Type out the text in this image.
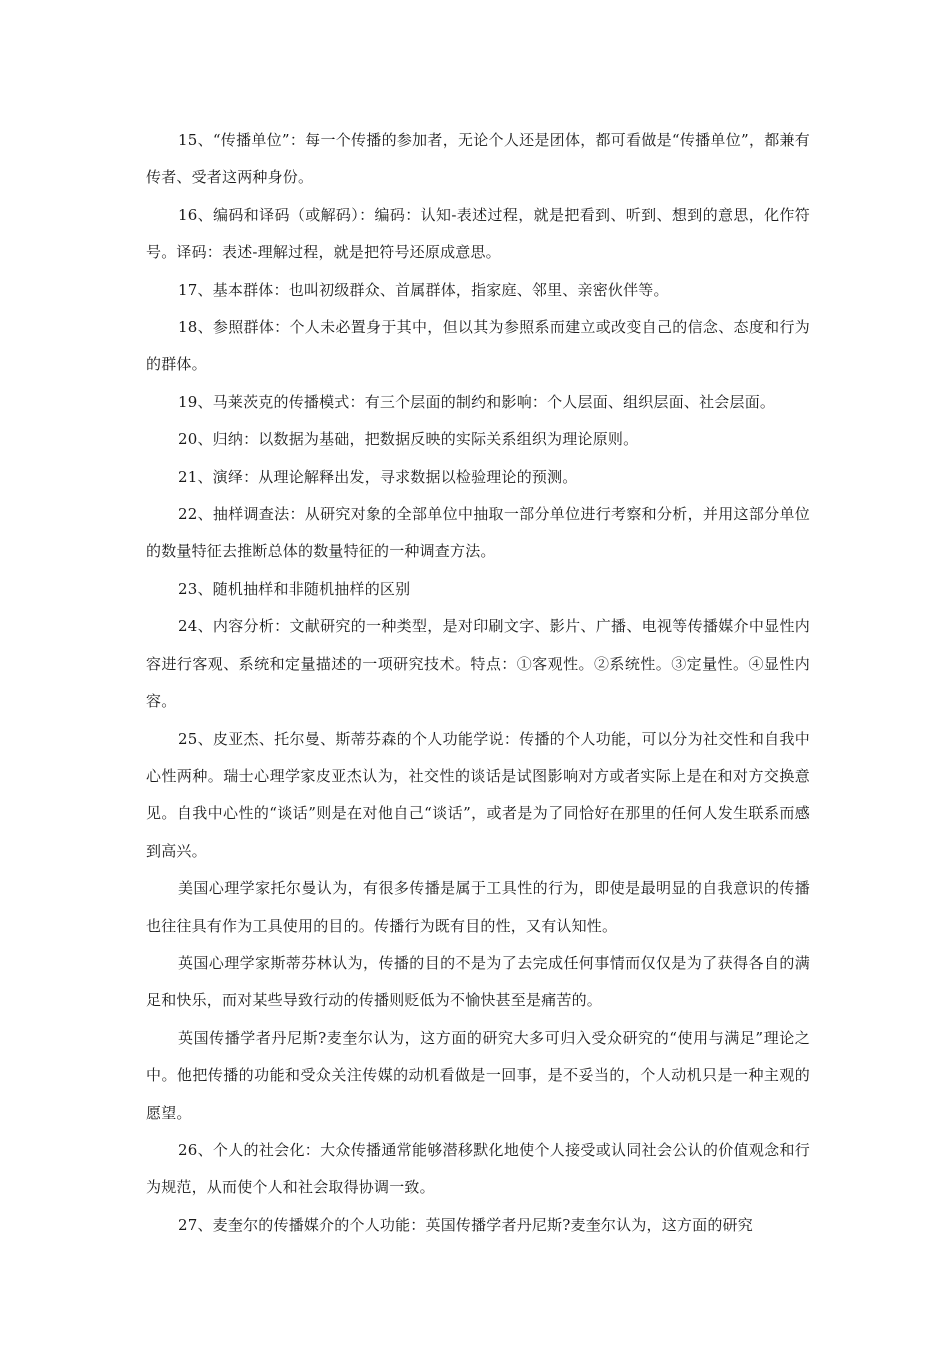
15、“传播单位”：每一个传播的参加者，无论个人还是团体，都可看做是“传播单位”，都兼有传者、受者这两种身份。

16、编码和译码（或解码）：编码：认知-表述过程，就是把看到、听到、想到的意思，化作符号。译码：表述-理解过程，就是把符号还原成意思。

17、基本群体：也叫初级群众、首属群体，指家庭、邻里、亲密伙伴等。

18、参照群体：个人未必置身于其中，但以其为参照系而建立或改变自己的信念、态度和行为的群体。

19、马莱茨克的传播模式：有三个层面的制约和影响：个人层面、组织层面、社会层面。

20、归纳：以数据为基础，把数据反映的实际关系组织为理论原则。

21、演绎：从理论解释出发，寻求数据以检验理论的预测。

22、抽样调查法：从研究对象的全部单位中抽取一部分单位进行考察和分析，并用这部分单位的数量特征去推断总体的数量特征的一种调查方法。

23、随机抽样和非随机抽样的区别

24、内容分析：文献研究的一种类型，是对印刷文字、影片、广播、电视等传播媒介中显性内容进行客观、系统和定量描述的一项研究技术。特点：①客观性。②系统性。③定量性。④显性内容。

25、皮亚杰、托尔曼、斯蒂芬森的个人功能学说：传播的个人功能，可以分为社交性和自我中心性两种。瑞士心理学家皮亚杰认为，社交性的谈话是试图影响对方或者实际上是在和对方交换意见。自我中心性的“谈话”则是在对他自己“谈话”，或者是为了同恰好在那里的任何人发生联系而感到高兴。

美国心理学家托尔曼认为，有很多传播是属于工具性的行为，即使是最明显的自我意识的传播也往往具有作为工具使用的目的。传播行为既有目的性，又有认知性。

英国心理学家斯蒂芬林认为，传播的目的不是为了去完成任何事情而仅仅是为了获得各自的满足和快乐，而对某些导致行动的传播则贬低为不愉快甚至是痛苦的。

英国传播学者丹尼斯?麦奎尔认为，这方面的研究大多可归入受众研究的“使用与满足”理论之中。他把传播的功能和受众关注传媒的动机看做是一回事，是不妥当的，个人动机只是一种主观的愿望。

26、个人的社会化：大众传播通常能够潜移默化地使个人接受或认同社会公认的价值观念和行为规范，从而使个人和社会取得协调一致。

27、麦奎尔的传播媒介的个人功能：英国传播学者丹尼斯?麦奎尔认为，这方面的研究
